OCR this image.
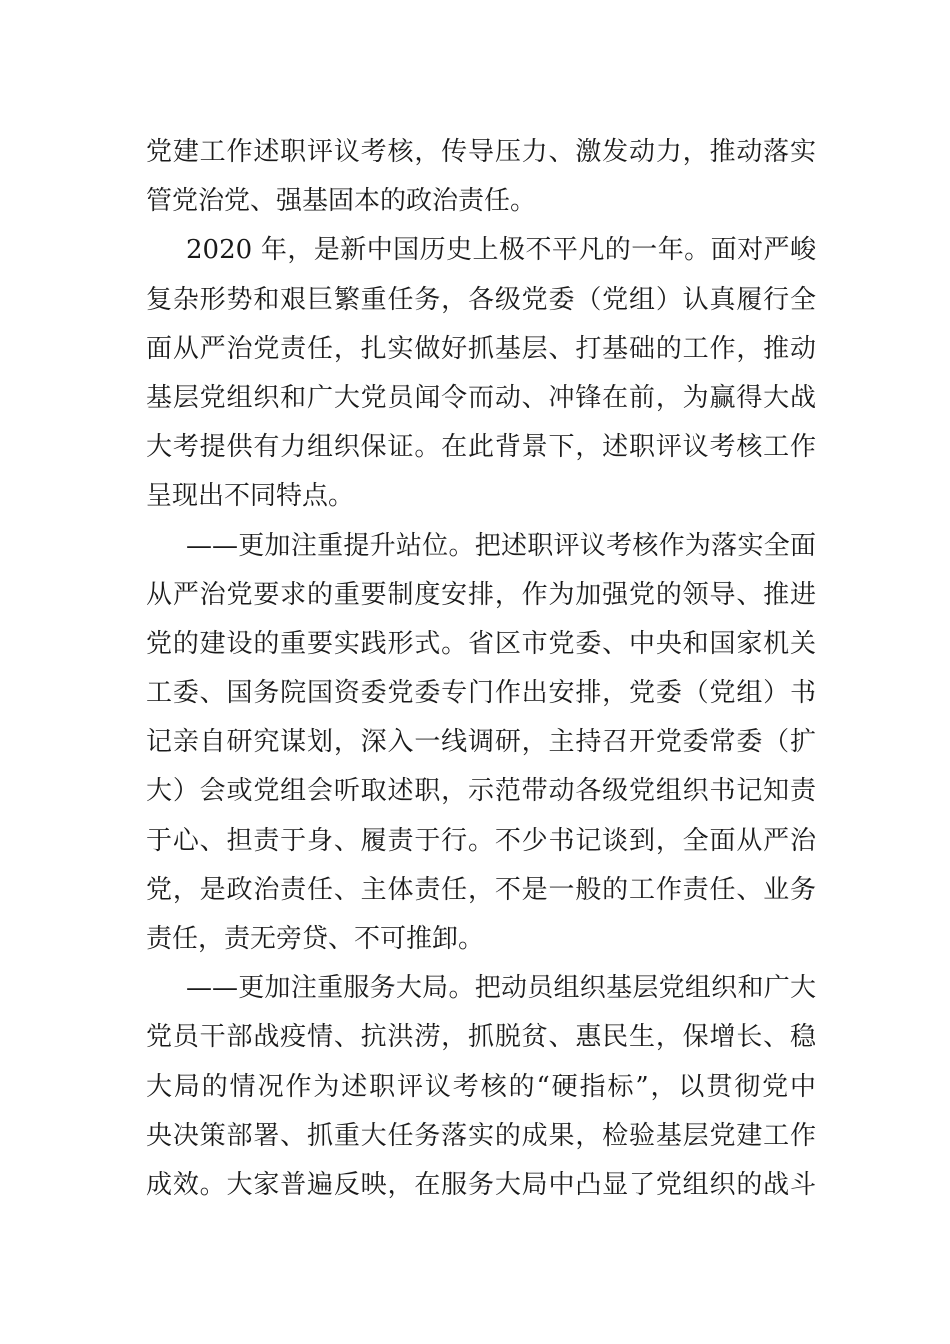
党建工作述职评议考核，传导压力、激发动力，推动落实
管党治党、强基固本的政治责任。

2020 年，是新中国历史上极不平凡的一年。面对严峻
复杂形势和艰巨繁重任务，各级党委（党组）认真履行全
面从严治党责任，扎实做好抓基层、打基础的工作，推动
基层党组织和广大党员闻令而动、冲锋在前，为赢得大战
大考提供有力组织保证。在此背景下，述职评议考核工作
呈现出不同特点。

——更加注重提升站位。把述职评议考核作为落实全面
从严治党要求的重要制度安排，作为加强党的领导、推进
党的建设的重要实践形式。省区市党委、中央和国家机关
工委、国务院国资委党委专门作出安排，党委（党组）书
记亲自研究谋划，深入一线调研，主持召开党委常委（扩
大）会或党组会听取述职，示范带动各级党组织书记知责
于心、担责于身、履责于行。不少书记谈到，全面从严治
党，是政治责任、主体责任，不是一般的工作责任、业务
责任，责无旁贷、不可推卸。

——更加注重服务大局。把动员组织基层党组织和广大
党员干部战疫情、抗洪涝，抓脱贫、惠民生，保增长、稳
大局的情况作为述职评议考核的“硬指标”，以贯彻党中
央决策部署、抓重大任务落实的成果，检验基层党建工作
成效。大家普遍反映，在服务大局中凸显了党组织的战斗
